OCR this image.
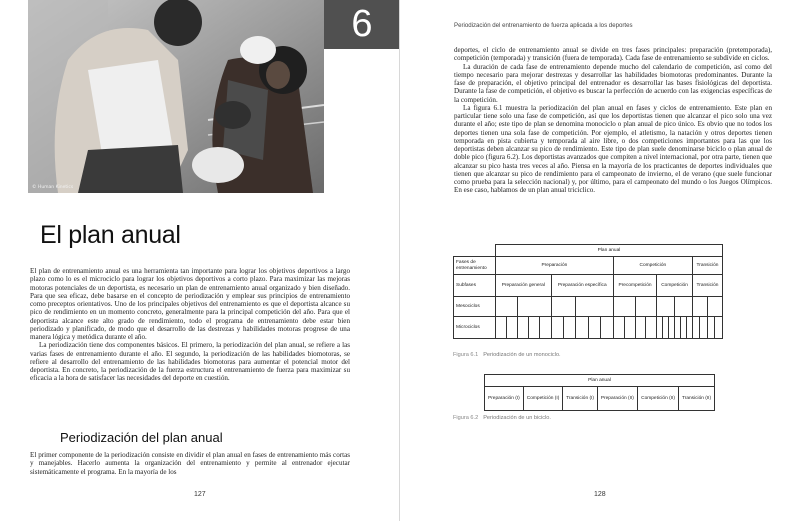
© Human Kinetics
6
El plan anual

El plan de entrenamiento anual es una herramienta tan importante para lograr los objetivos deportivos a largo plazo como lo es el microciclo para lograr los objetivos deportivos a corto plazo. Para maximizar las mejoras motoras potenciales de un deportista, es necesario un plan de entrenamiento anual organizado y bien diseñado. Para que sea eficaz, debe basarse en el concepto de periodización y emplear sus principios de entrenamiento como preceptos orientativos. Uno de los principales objetivos del entrenamiento es que el deportista alcance su pico de rendimiento en un momento concreto, generalmente para la principal competición del año. Para que el deportista alcance este alto grado de rendimiento, todo el programa de entrenamiento debe estar bien periodizado y planificado, de modo que el desarrollo de las destrezas y habilidades motoras progrese de una manera lógica y metódica durante el año.

La periodización tiene dos componentes básicos. El primero, la periodización del plan anual, se refiere a las varias fases de entrenamiento durante el año. El segundo, la periodización de las habilidades biomotoras, se refiere al desarrollo del entrenamiento de las habilidades biomotoras para aumentar el potencial motor del deportista. En concreto, la periodización de la fuerza estructura el entrenamiento de fuerza para maximizar su eficacia a la hora de satisfacer las necesidades del deporte en cuestión.

Periodización del plan anual

El primer componente de la periodización consiste en dividir el plan anual en fases de entrenamiento más cortas y manejables. Hacerlo aumenta la organización del entrenamiento y permite al entrenador ejecutar sistemáticamente el programa. En la mayoría de los

127
Periodización del entrenamiento de fuerza aplicada a los deportes

deportes, el ciclo de entrenamiento anual se divide en tres fases principales: preparación (pretemporada), competición (temporada) y transición (fuera de temporada). Cada fase de entrenamiento se subdivide en ciclos.

La duración de cada fase de entrenamiento depende mucho del calendario de competición, así como del tiempo necesario para mejorar destrezas y desarrollar las habilidades biomotoras predominantes. Durante la fase de preparación, el objetivo principal del entrenador es desarrollar las bases fisiológicas del deportista. Durante la fase de competición, el objetivo es buscar la perfección de acuerdo con las exigencias específicas de la competición.

La figura 6.1 muestra la periodización del plan anual en fases y ciclos de entrenamiento. Este plan en particular tiene solo una fase de competición, así que los deportistas tienen que alcanzar el pico solo una vez durante el año; este tipo de plan se denomina monociclo o plan anual de pico único. Es obvio que no todos los deportes tienen una sola fase de competición. Por ejemplo, el atletismo, la natación y otros deportes tienen temporada en pista cubierta y temporada al aire libre, o dos competiciones importantes para las que los deportistas deben alcanzar su pico de rendimiento. Este tipo de plan suele denominarse biciclo o plan anual de doble pico (figura 6.2). Los deportistas avanzados que compiten a nivel internacional, por otra parte, tienen que alcanzar su pico hasta tres veces al año. Piensa en la mayoría de los practicantes de deportes individuales que tienen que alcanzar su pico de rendimiento para el campeonato de invierno, el de verano (que suele funcionar como prueba para la selección nacional) y, por último, para el campeonato del mundo o los Juegos Olímpicos. En ese caso, hablamos de un plan anual triciclico.

	Plan anual																							
Fases de entrenamiento	Preparación										Competición										Transición			
Subfases	Preparación general					Preparación específica					Precompetición				Competición						Transición			
Mesociclos																								
Microciclos																								
Figura 6.1 Periodización de un monociclo.
Plan anual
Preparación (I)	Competición (I)	Transición (I)	Preparación (II)	Competición (II)	Transición (II)
Figura 6.2 Periodización de un biciclo.
128
